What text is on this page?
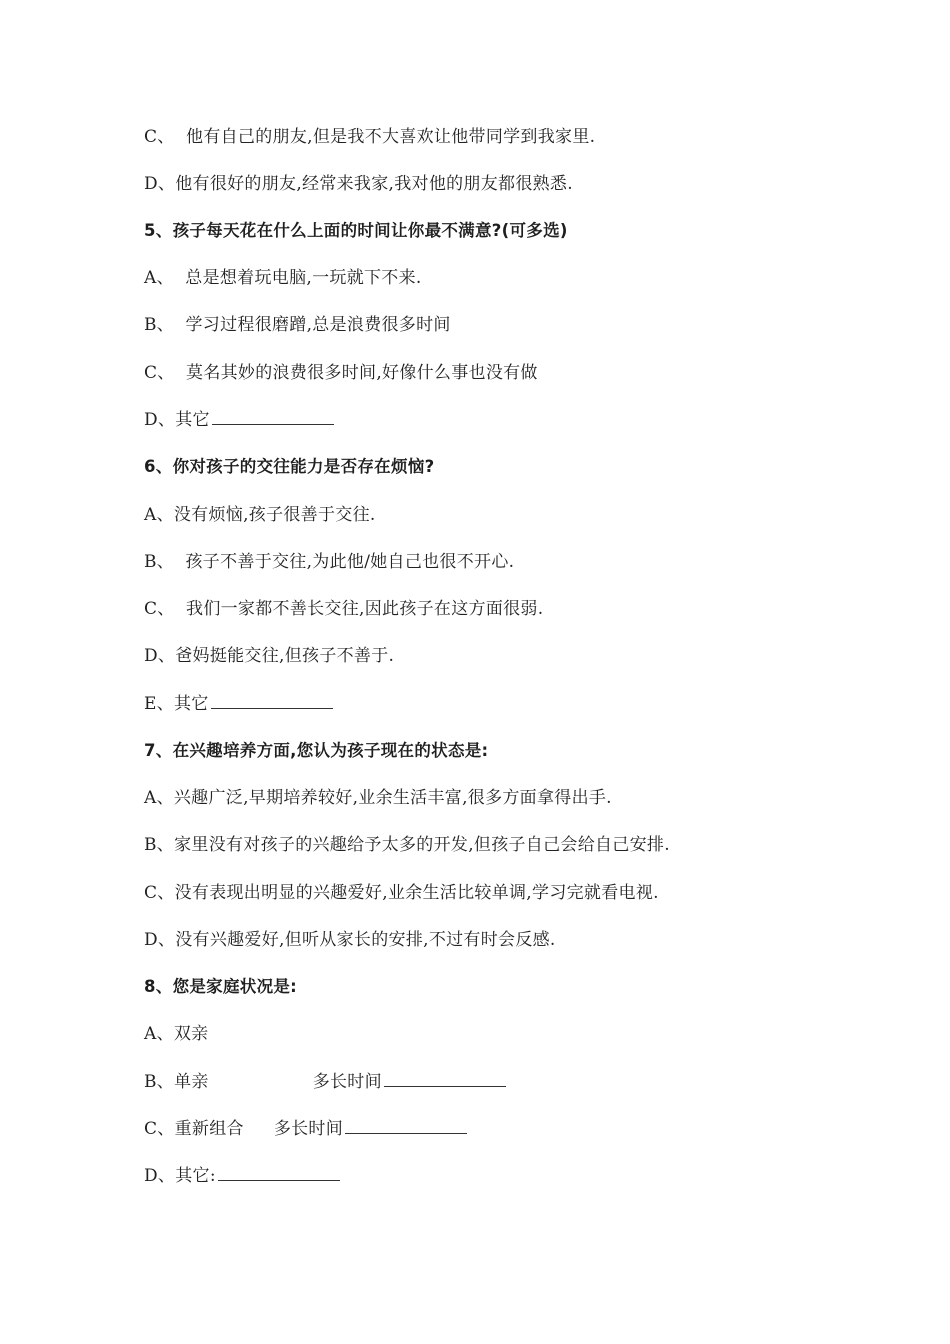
C、  他有自己的朋友,但是我不大喜欢让他带同学到我家里.
D、他有很好的朋友,经常来我家,我对他的朋友都很熟悉.
5、孩子每天花在什么上面的时间让你最不满意?(可多选)
A、  总是想着玩电脑,一玩就下不来.
B、  学习过程很磨蹭,总是浪费很多时间
C、  莫名其妙的浪费很多时间,好像什么事也没有做
D、其它
6、你对孩子的交往能力是否存在烦恼?
A、没有烦恼,孩子很善于交往.
B、  孩子不善于交往,为此他/她自己也很不开心.
C、  我们一家都不善长交往,因此孩子在这方面很弱.
D、爸妈挺能交往,但孩子不善于.
E、其它
7、在兴趣培养方面,您认为孩子现在的状态是:
A、兴趣广泛,早期培养较好,业余生活丰富,很多方面拿得出手.
B、家里没有对孩子的兴趣给予太多的开发,但孩子自己会给自己安排.
C、没有表现出明显的兴趣爱好,业余生活比较单调,学习完就看电视.
D、没有兴趣爱好,但听从家长的安排,不过有时会反感.
8、您是家庭状况是:
A、双亲
B、单亲	多长时间
C、重新组合 多长时间
D、其它:
